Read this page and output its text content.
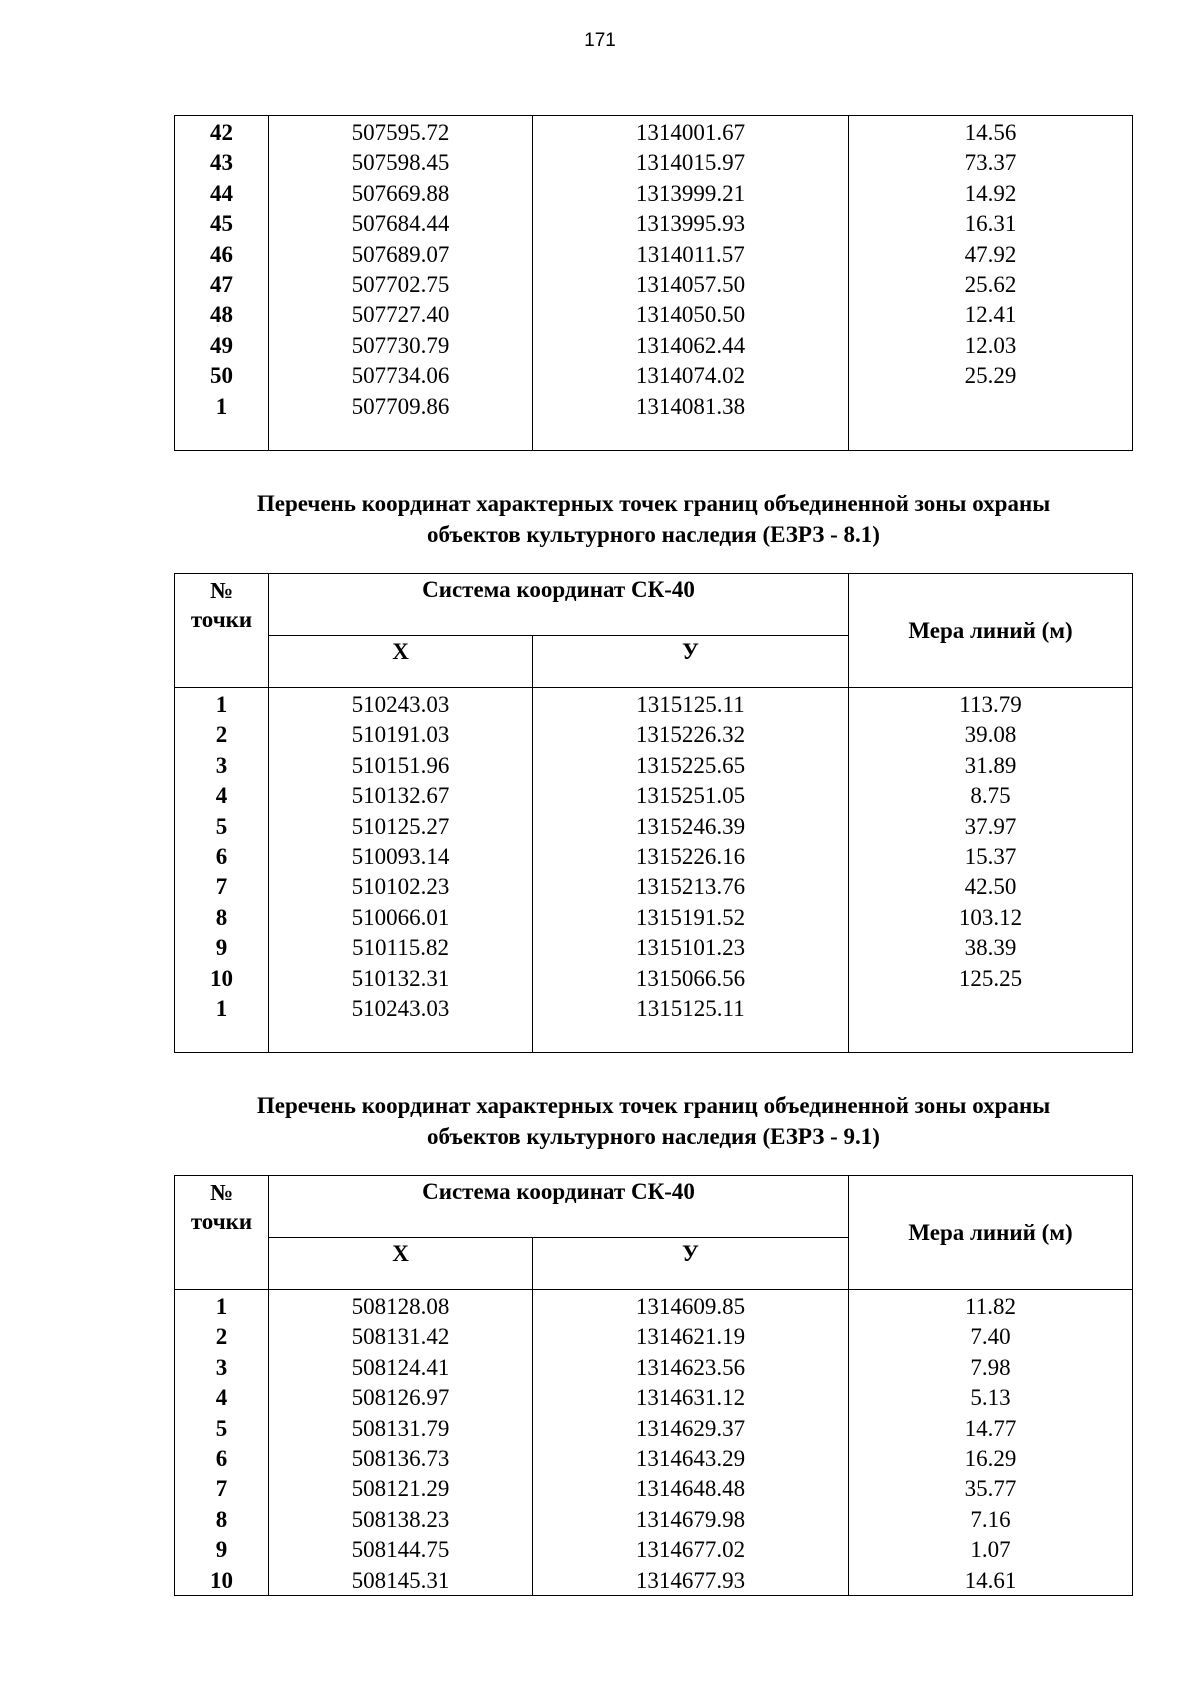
171
42
43
44
45
46
47
48
49
50
1
507595.72
507598.45
507669.88
507684.44
507689.07
507702.75
507727.40
507730.79
507734.06
507709.86
1314001.67
1314015.97
1313999.21
1313995.93
1314011.57
1314057.50
1314050.50
1314062.44
1314074.02
1314081.38
14.56
73.37
14.92
16.31
47.92
25.62
12.41
12.03
25.29
Перечень координат характерных точек границ объединенной зоны охраны
объектов культурного наследия (ЕЗРЗ - 8.1)
№
точки
Система координат СК-40
Х	У
Мера линий (м)
1
2
3
4
5
6
7
8
9
10
1
510243.03
510191.03
510151.96
510132.67
510125.27
510093.14
510102.23
510066.01
510115.82
510132.31
510243.03
1315125.11
1315226.32
1315225.65
1315251.05
1315246.39
1315226.16
1315213.76
1315191.52
1315101.23
1315066.56
1315125.11
113.79
39.08
31.89
8.75
37.97
15.37
42.50
103.12
38.39
125.25
Перечень координат характерных точек границ объединенной зоны охраны
объектов культурного наследия (ЕЗРЗ - 9.1)
№
точки
Система координат СК-40
Х	У
Мера линий (м)
1
2
3
4
5
6
7
8
9
10
508128.08
508131.42
508124.41
508126.97
508131.79
508136.73
508121.29
508138.23
508144.75
508145.31
1314609.85
1314621.19
1314623.56
1314631.12
1314629.37
1314643.29
1314648.48
1314679.98
1314677.02
1314677.93
11.82
7.40
7.98
5.13
14.77
16.29
35.77
7.16
1.07
14.61
